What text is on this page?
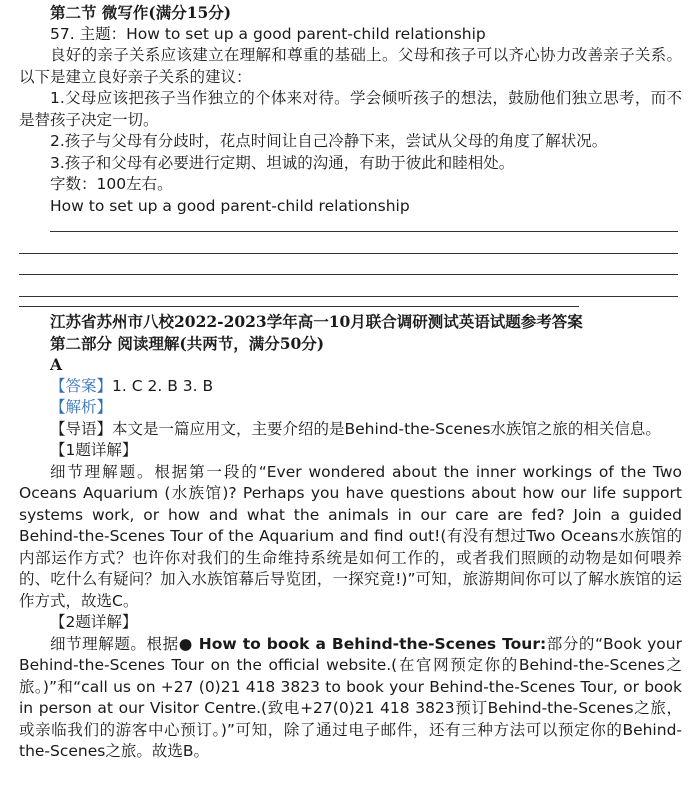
第二节 微写作(满分15分)
57. 主题：How to set up a good parent-child relationship
良好的亲子关系应该建立在理解和尊重的基础上。父母和孩子可以齐心协力改善亲子关系。以下是建立良好亲子关系的建议：
1.父母应该把孩子当作独立的个体来对待。学会倾听孩子的想法，鼓励他们独立思考，而不是替孩子决定一切。
2.孩子与父母有分歧时，花点时间让自己冷静下来，尝试从父母的角度了解状况。
3.孩子和父母有必要进行定期、坦诚的沟通，有助于彼此和睦相处。
字数：100左右。
How to set up a good parent-child relationship
江苏省苏州市八校2022-2023学年高一10月联合调研测试英语试题参考答案
第二部分 阅读理解(共两节，满分50分)
A
【答案】1. C 2. B 3. B
【解析】
【导语】本文是一篇应用文，主要介绍的是Behind-the-Scenes水族馆之旅的相关信息。
【1题详解】
细节理解题。根据第一段的“Ever wondered about the inner workings of the Two Oceans Aquarium (水族馆)? Perhaps you have questions about how our life support systems work, or how and what the animals in our care are fed? Join a guided Behind-the-Scenes Tour of the Aquarium and find out!(有没有想过Two Oceans水族馆的内部运作方式？也许你对我们的生命维持系统是如何工作的，或者我们照顾的动物是如何喂养的、吃什么有疑问？加入水族馆幕后导览团，一探究竟!)”可知，旅游期间你可以了解水族馆的运作方式，故选C。
【2题详解】
细节理解题。根据● How to book a Behind-the-Scenes Tour:部分的“Book your Behind-the-Scenes Tour on the official website.(在官网预定你的Behind-the-Scenes之旅。)”和“call us on +27 (0)21 418 3823 to book your Behind-the-Scenes Tour, or book in person at our Visitor Centre.(致电+27(0)21 418 3823预订Behind-the-Scenes之旅，或亲临我们的游客中心预订。)”可知，除了通过电子邮件，还有三种方法可以预定你的Behind-the-Scenes之旅。故选B。
